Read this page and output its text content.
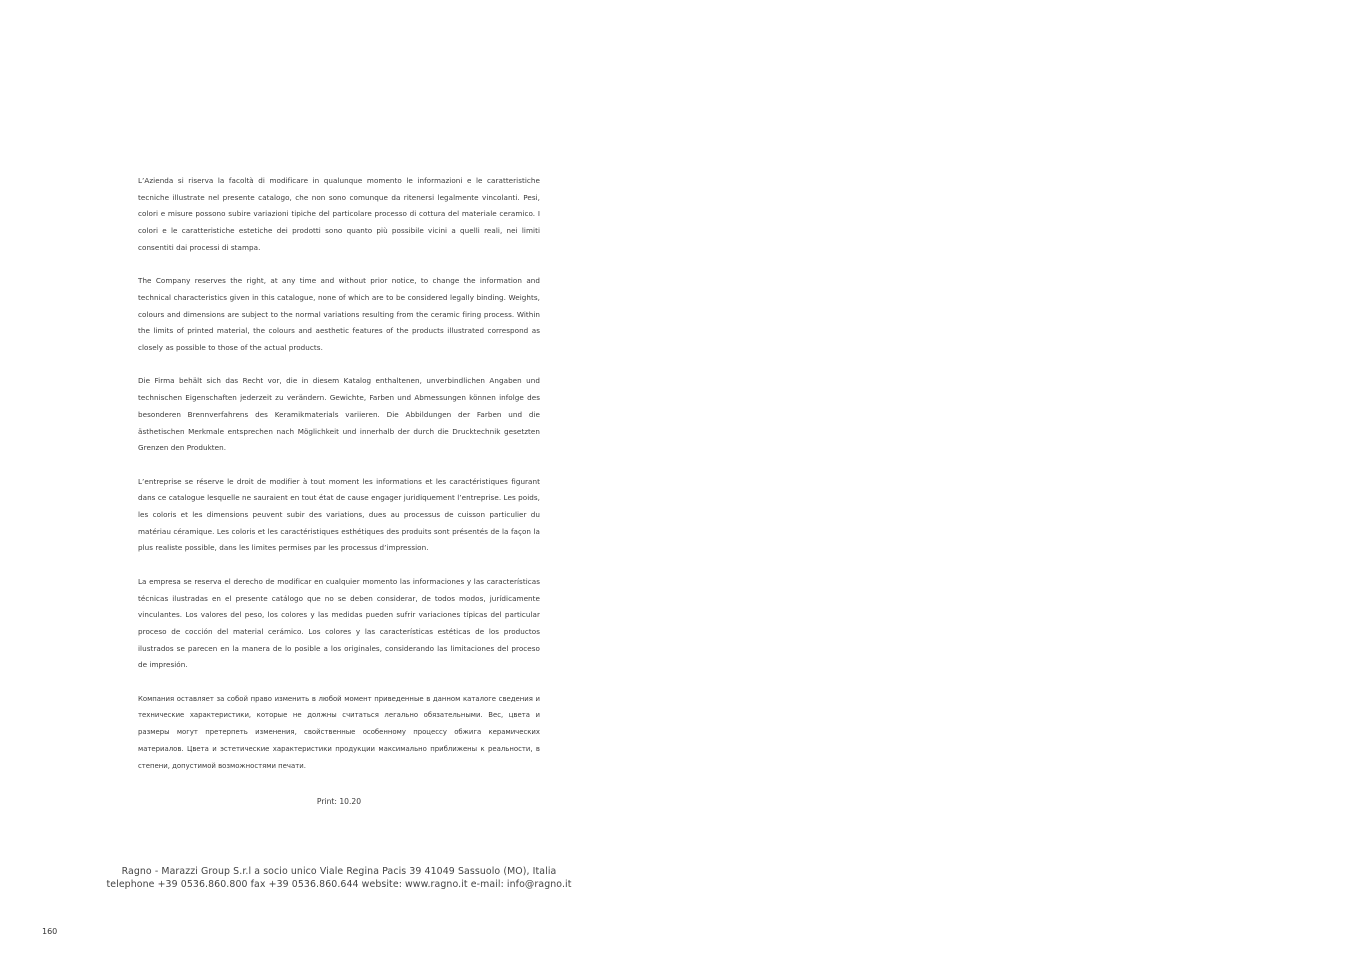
L’Azienda si riserva la facoltà di modificare in qualunque momento le informazioni e le caratteristiche tecniche illustrate nel presente catalogo, che non sono comunque da ritenersi legalmente vincolanti. Pesi, colori e misure possono subire variazioni tipiche del particolare processo di cottura del materiale ceramico. I colori e le caratteristiche estetiche dei prodotti sono quanto più possibile vicini a quelli reali, nei limiti consentiti dai processi di stampa.

The Company reserves the right, at any time and without prior notice, to change the information and technical characteristics given in this catalogue, none of which are to be considered legally binding. Weights, colours and dimensions are subject to the normal variations resulting from the ceramic firing process. Within the limits of printed material, the colours and aesthetic features of the products illustrated correspond as closely as possible to those of the actual products.

Die Firma behält sich das Recht vor, die in diesem Katalog enthaltenen, unverbindlichen Angaben und technischen Eigenschaften jederzeit zu verändern. Gewichte, Farben und Abmessungen können infolge des besonderen Brennverfahrens des Keramikmaterials variieren. Die Abbildungen der Farben und die ästhetischen Merkmale entsprechen nach Möglichkeit und innerhalb der durch die Drucktechnik gesetzten Grenzen den Produkten.

L’entreprise se réserve le droit de modifier à tout moment les informations et les caractéristiques figurant dans ce catalogue lesquelle ne sauraient en tout état de cause engager juridiquement l’entreprise. Les poids, les coloris et les dimensions peuvent subir des variations, dues au processus de cuisson particulier du matériau céramique. Les coloris et les caractéristiques esthétiques des produits sont présentés de la façon la plus realiste possible, dans les limites permises par les processus d’impression.

La empresa se reserva el derecho de modificar en cualquier momento las informaciones y las características técnicas ilustradas en el presente catálogo que no se deben considerar, de todos modos, jurídicamente vinculantes. Los valores del peso, los colores y las medidas pueden sufrir variaciones típicas del particular proceso de cocción del material cerámico. Los colores y las características estéticas de los productos ilustrados se parecen en la manera de lo posible a los originales, considerando las limitaciones del proceso de impresión.

Компания оставляет за собой право изменить в любой момент приведенные в данном каталоге сведения и технические характеристики, которые не должны считаться легально обязательными. Вес, цвета и размеры могут претерпеть изменения, свойственные особенному процессу обжига керамических материалов. Цвета и эстетические характеристики продукции максимально приближены к реальности, в степени, допустимой возможностями печати.

Print: 10.20
Ragno - Marazzi Group S.r.l a socio unico Viale Regina Pacis 39 41049 Sassuolo (MO), Italia
telephone +39 0536.860.800 fax +39 0536.860.644 website: www.ragno.it e-mail: info@ragno.it
160
